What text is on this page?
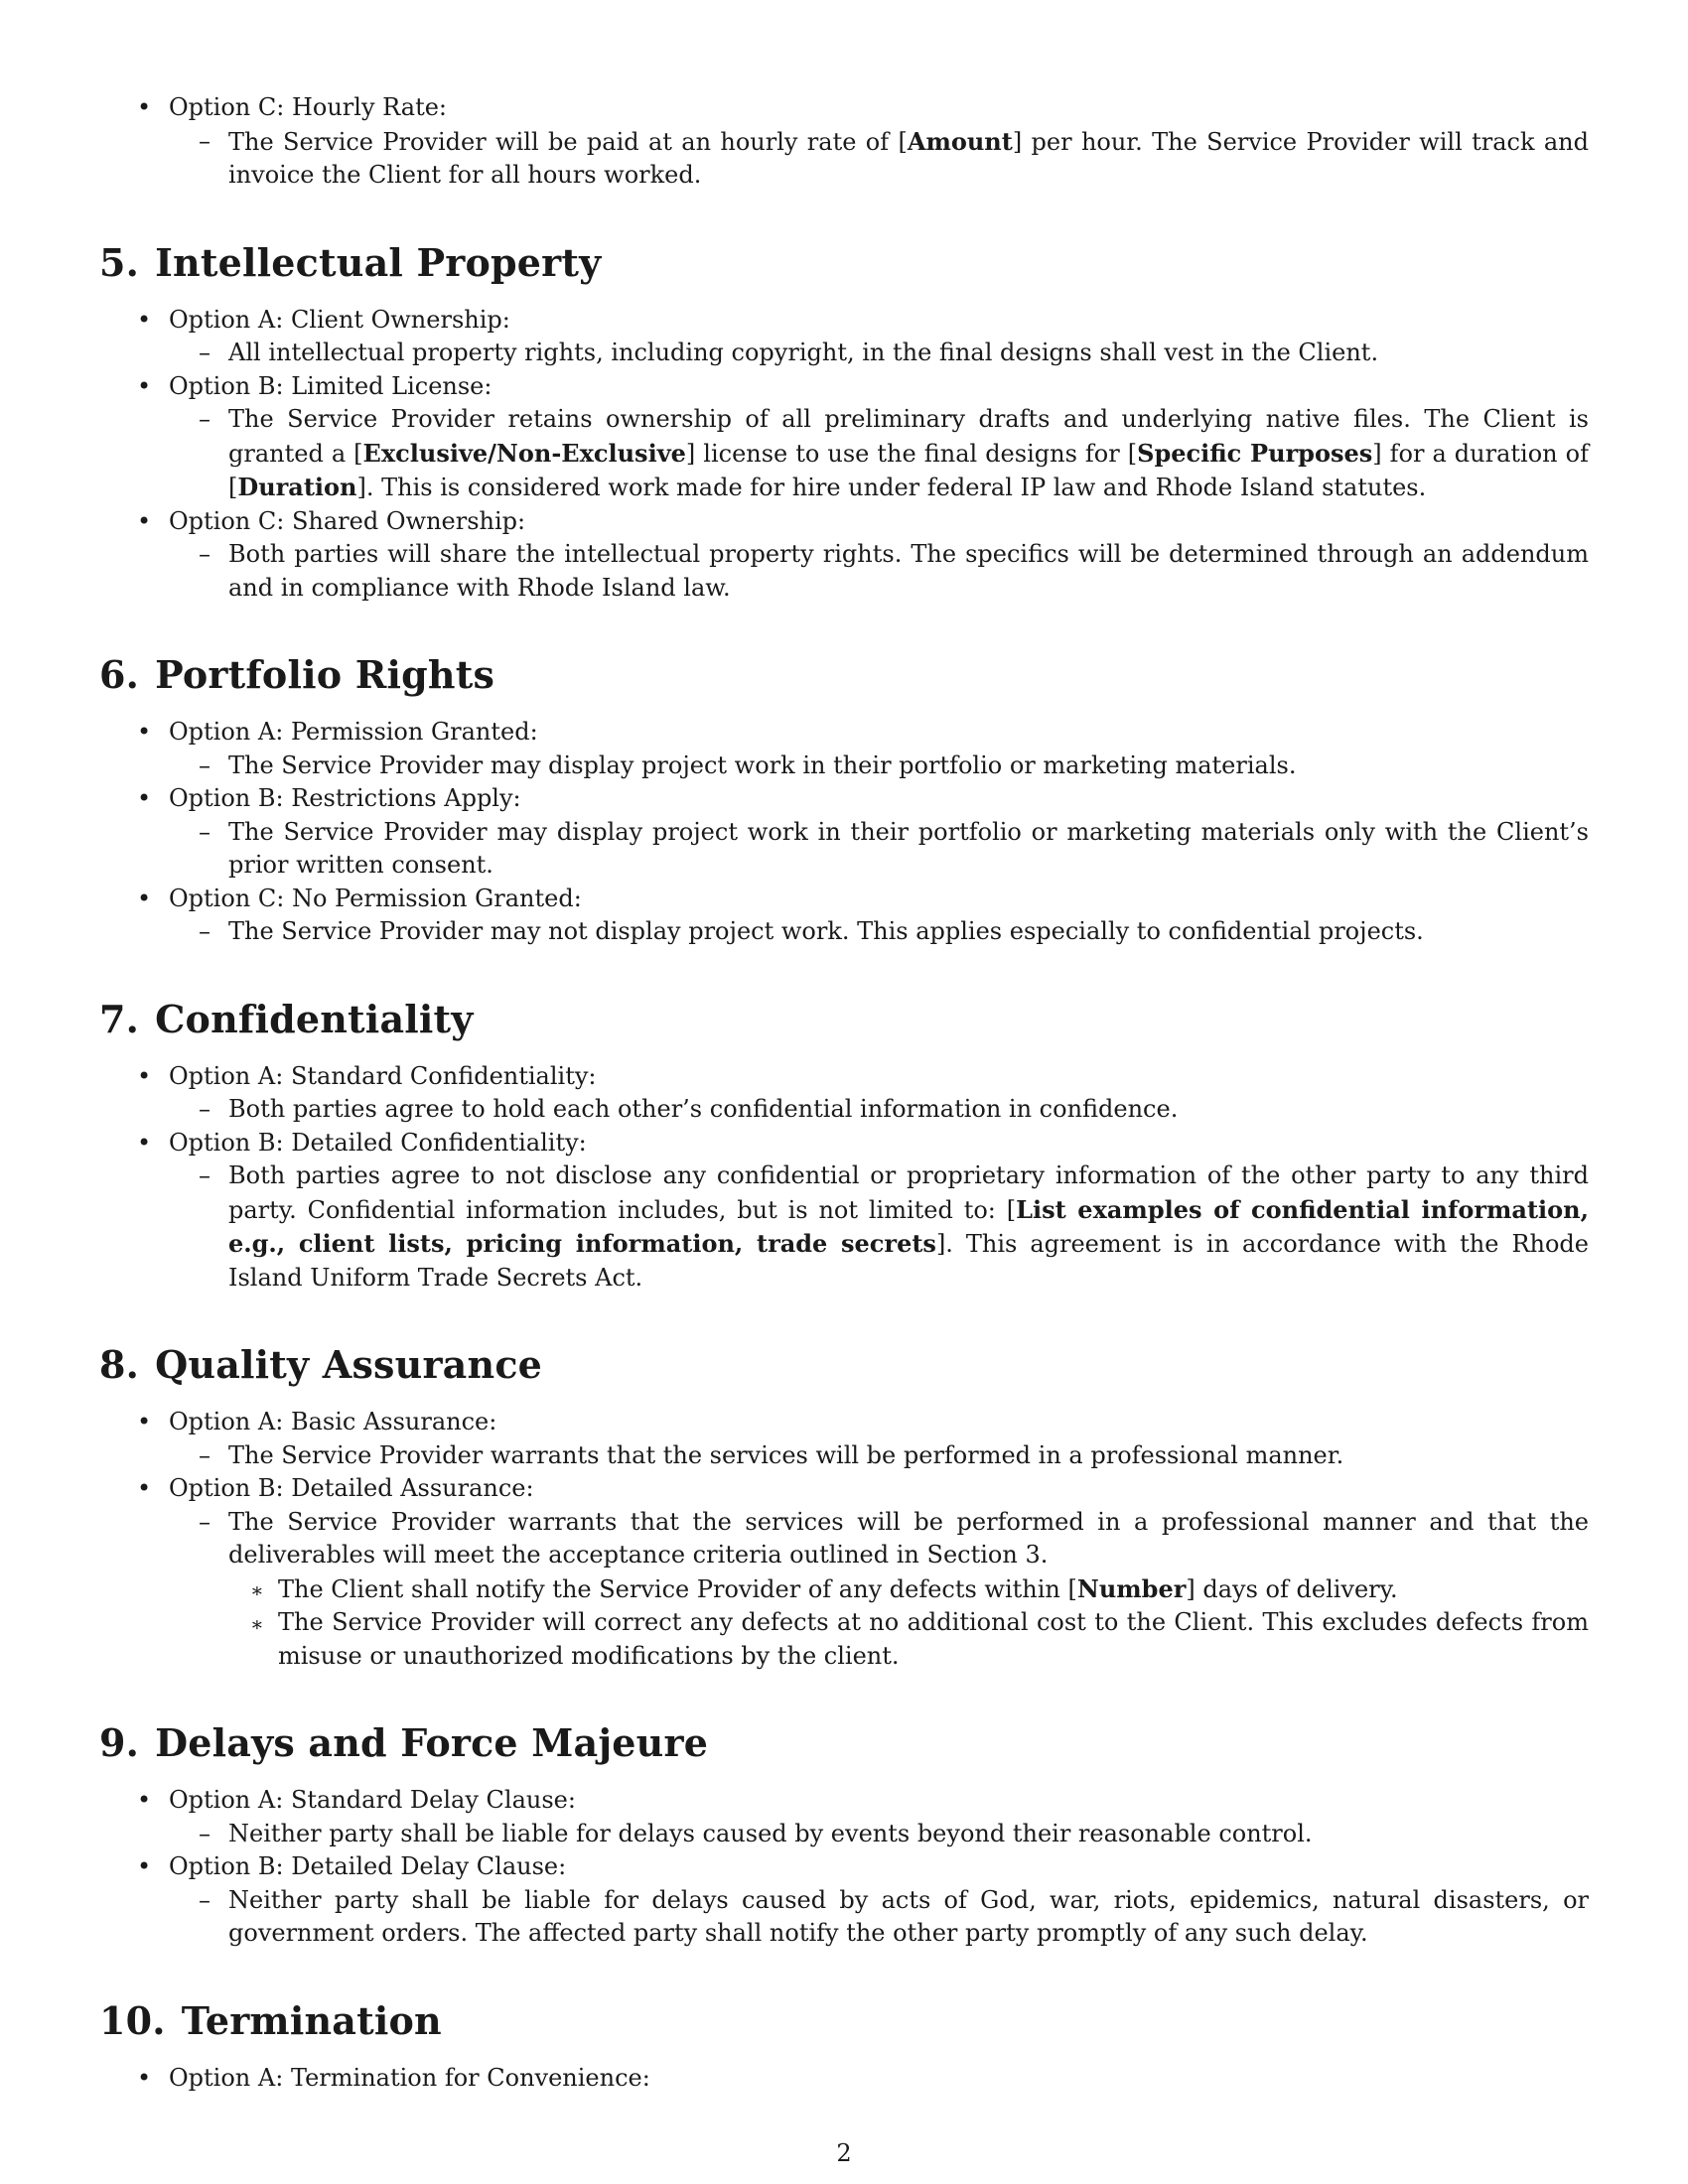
• Option C: Hourly Rate:
– The Service Provider will be paid at an hourly rate of [Amount] per hour. The Service Provider will track and invoice the Client for all hours worked.
5. Intellectual Property
• Option A: Client Ownership:
– All intellectual property rights, including copyright, in the final designs shall vest in the Client.
• Option B: Limited License:
– The Service Provider retains ownership of all preliminary drafts and underlying native files. The Client is granted a [Exclusive/Non-Exclusive] license to use the final designs for [Specific Purposes] for a duration of [Duration]. This is considered work made for hire under federal IP law and Rhode Island statutes.
• Option C: Shared Ownership:
– Both parties will share the intellectual property rights. The specifics will be determined through an addendum and in compliance with Rhode Island law.
6. Portfolio Rights
• Option A: Permission Granted:
– The Service Provider may display project work in their portfolio or marketing materials.
• Option B: Restrictions Apply:
– The Service Provider may display project work in their portfolio or marketing materials only with the Client’s prior written consent.
• Option C: No Permission Granted:
– The Service Provider may not display project work. This applies especially to confidential projects.
7. Confidentiality
• Option A: Standard Confidentiality:
– Both parties agree to hold each other’s confidential information in confidence.
• Option B: Detailed Confidentiality:
– Both parties agree to not disclose any confidential or proprietary information of the other party to any third party. Confidential information includes, but is not limited to: [List examples of confidential information, e.g., client lists, pricing information, trade secrets]. This agreement is in accordance with the Rhode Island Uniform Trade Secrets Act.
8. Quality Assurance
• Option A: Basic Assurance:
– The Service Provider warrants that the services will be performed in a professional manner.
• Option B: Detailed Assurance:
– The Service Provider warrants that the services will be performed in a professional manner and that the deliverables will meet the acceptance criteria outlined in Section 3.
∗ The Client shall notify the Service Provider of any defects within [Number] days of delivery.
∗ The Service Provider will correct any defects at no additional cost to the Client. This excludes defects from misuse or unauthorized modifications by the client.
9. Delays and Force Majeure
• Option A: Standard Delay Clause:
– Neither party shall be liable for delays caused by events beyond their reasonable control.
• Option B: Detailed Delay Clause:
– Neither party shall be liable for delays caused by acts of God, war, riots, epidemics, natural disasters, or government orders. The affected party shall notify the other party promptly of any such delay.
10. Termination
• Option A: Termination for Convenience:
2
